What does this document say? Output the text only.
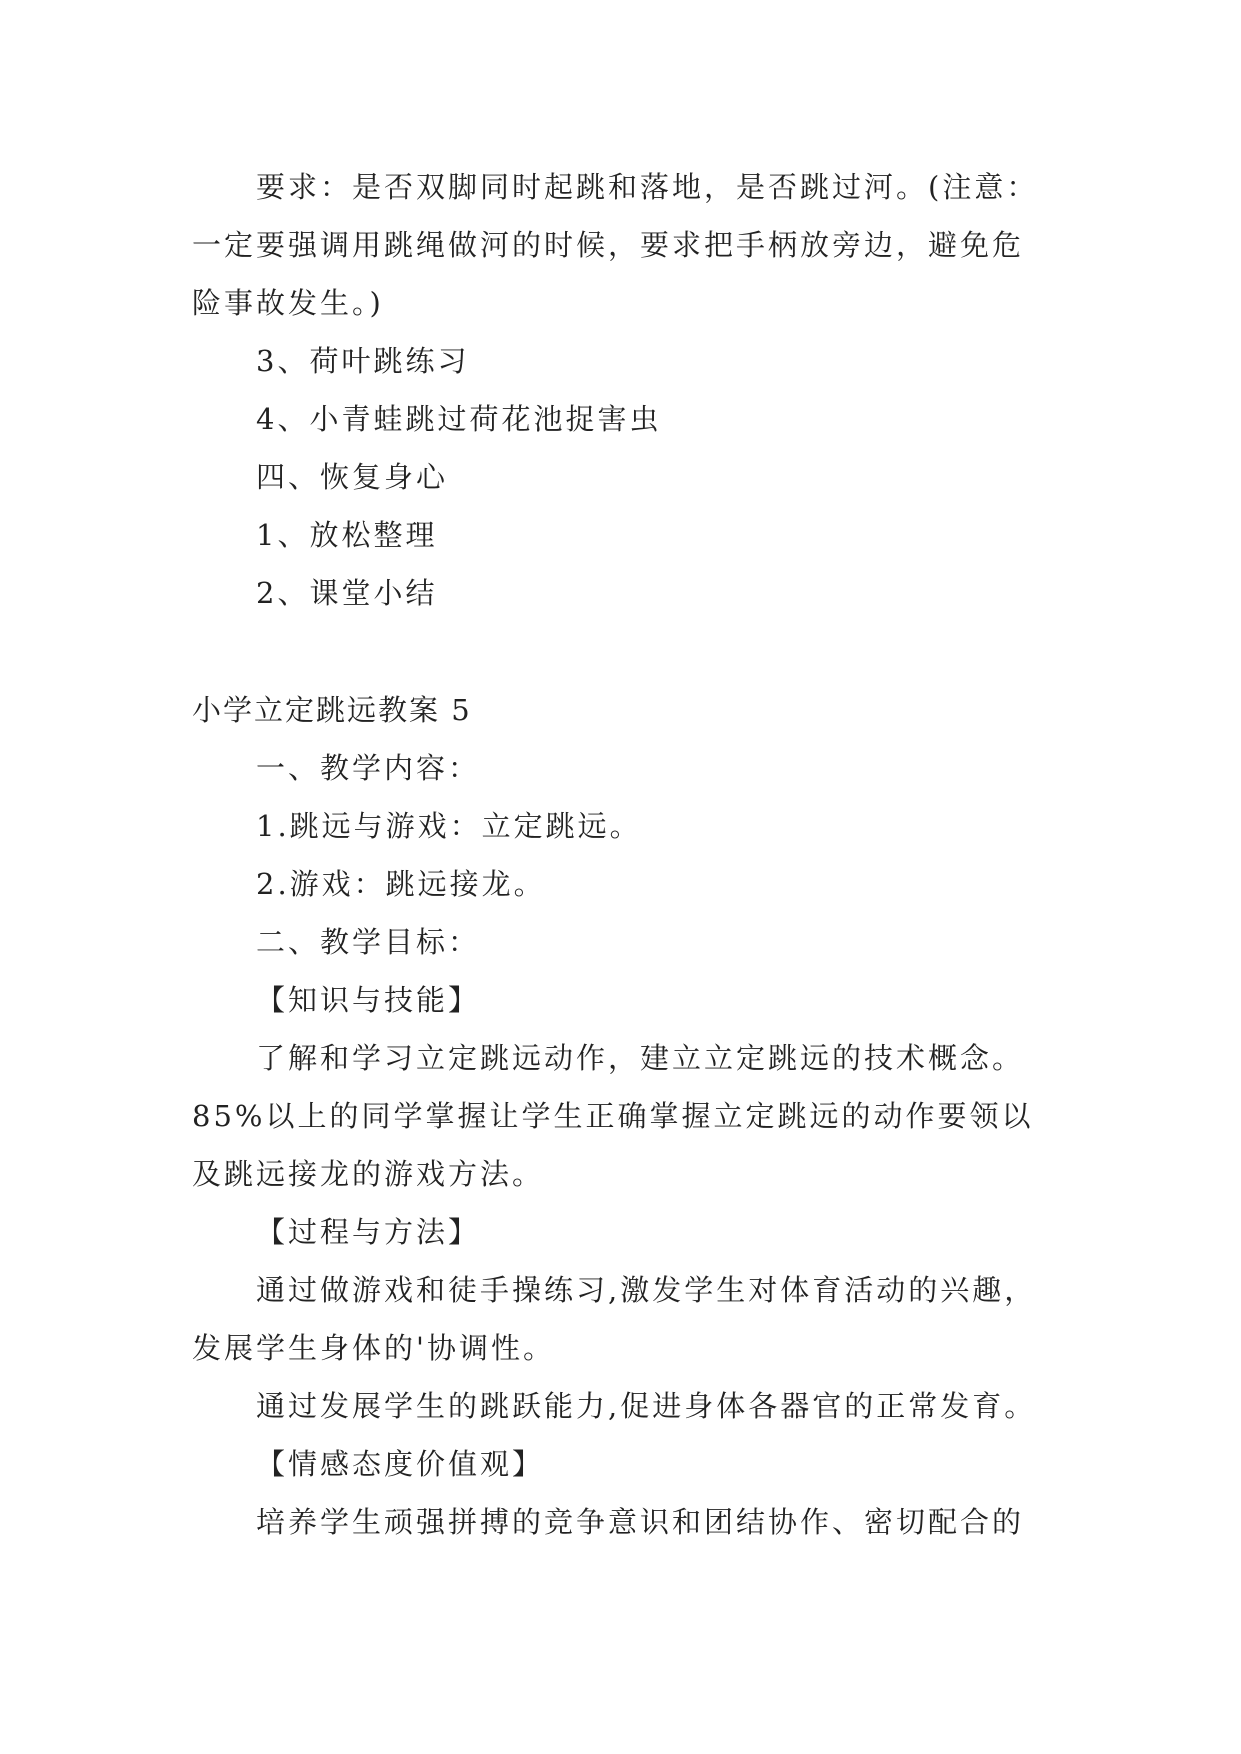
要求：是否双脚同时起跳和落地，是否跳过河。(注意：

一定要强调用跳绳做河的时候，要求把手柄放旁边，避免危

险事故发生。)

3、荷叶跳练习

4、小青蛙跳过荷花池捉害虫

四、恢复身心

1、放松整理

2、课堂小结

小学立定跳远教案 5

一、教学内容：

1.跳远与游戏：立定跳远。

2.游戏：跳远接龙。

二、教学目标：

【知识与技能】

了解和学习立定跳远动作，建立立定跳远的技术概念。

85%以上的同学掌握让学生正确掌握立定跳远的动作要领以

及跳远接龙的游戏方法。

【过程与方法】

通过做游戏和徒手操练习,激发学生对体育活动的兴趣，

发展学生身体的'协调性。

通过发展学生的跳跃能力,促进身体各器官的正常发育。

【情感态度价值观】

培养学生顽强拼搏的竞争意识和团结协作、密切配合的
